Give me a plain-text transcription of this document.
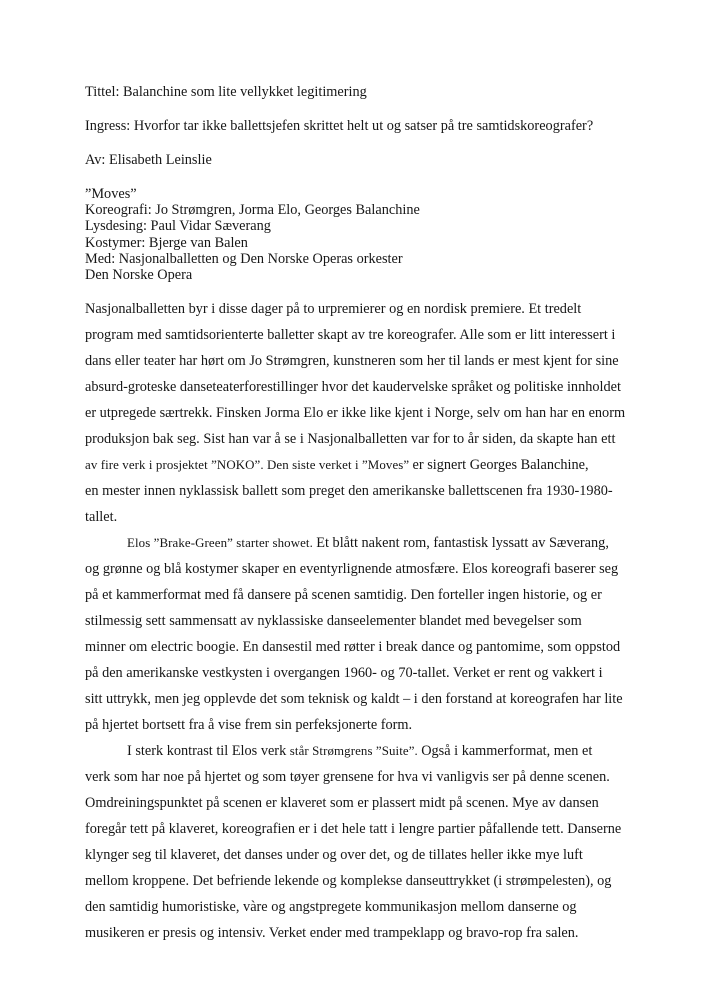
Tittel: Balanchine som lite vellykket legitimering

Ingress: Hvorfor tar ikke ballettsjefen skrittet helt ut og satser på tre samtidskoreografer?

Av: Elisabeth Leinslie

”Moves”
Koreografi: Jo Strømgren, Jorma Elo, Georges Balanchine
Lysdesing: Paul Vidar Sæverang
Kostymer: Bjerge van Balen
Med: Nasjonalballetten og Den Norske Operas orkester
Den Norske Opera
Nasjonalballetten byr i disse dager på to urpremierer og en nordisk premiere. Et tredelt
program med samtidsorienterte balletter skapt av tre koreografer. Alle som er litt interessert i
dans eller teater har hørt om Jo Strømgren, kunstneren som her til lands er mest kjent for sine
absurd-groteske danseteaterforestillinger hvor det kaudervelske språket og politiske innholdet
er utpregede særtrekk. Finsken Jorma Elo er ikke like kjent i Norge, selv om han har en enorm
produksjon bak seg. Sist han var å se i Nasjonalballetten var for to år siden, da skapte han ett
av fire verk i prosjektet ”NOKO”. Den siste verket i ”Moves” er signert Georges Balanchine,
en mester innen nyklassisk ballett som preget den amerikanske ballettscenen fra 1930-1980-
tallet.
Elos ”Brake-Green” starter showet. Et blått nakent rom, fantastisk lyssatt av Sæverang,
og grønne og blå kostymer skaper en eventyrlignende atmosfære. Elos koreografi baserer seg
på et kammerformat med få dansere på scenen samtidig. Den forteller ingen historie, og er
stilmessig sett sammensatt av nyklassiske danseelementer blandet med bevegelser som
minner om electric boogie. En dansestil med røtter i break dance og pantomime, som oppstod
på den amerikanske vestkysten i overgangen 1960- og 70-tallet. Verket er rent og vakkert i
sitt uttrykk, men jeg opplevde det som teknisk og kaldt – i den forstand at koreografen har lite
på hjertet bortsett fra å vise frem sin perfeksjonerte form.
I sterk kontrast til Elos verk står Strømgrens ”Suite”. Også i kammerformat, men et
verk som har noe på hjertet og som tøyer grensene for hva vi vanligvis ser på denne scenen.
Omdreiningspunktet på scenen er klaveret som er plassert midt på scenen. Mye av dansen
foregår tett på klaveret, koreografien er i det hele tatt i lengre partier påfallende tett. Danserne
klynger seg til klaveret, det danses under og over det, og de tillates heller ikke mye luft
mellom kroppene. Det befriende lekende og komplekse danseuttrykket (i strømpelesten), og
den samtidig humoristiske, vàre og angstpregete kommunikasjon mellom danserne og
musikeren er presis og intensiv. Verket ender med trampeklapp og bravo-rop fra salen.
